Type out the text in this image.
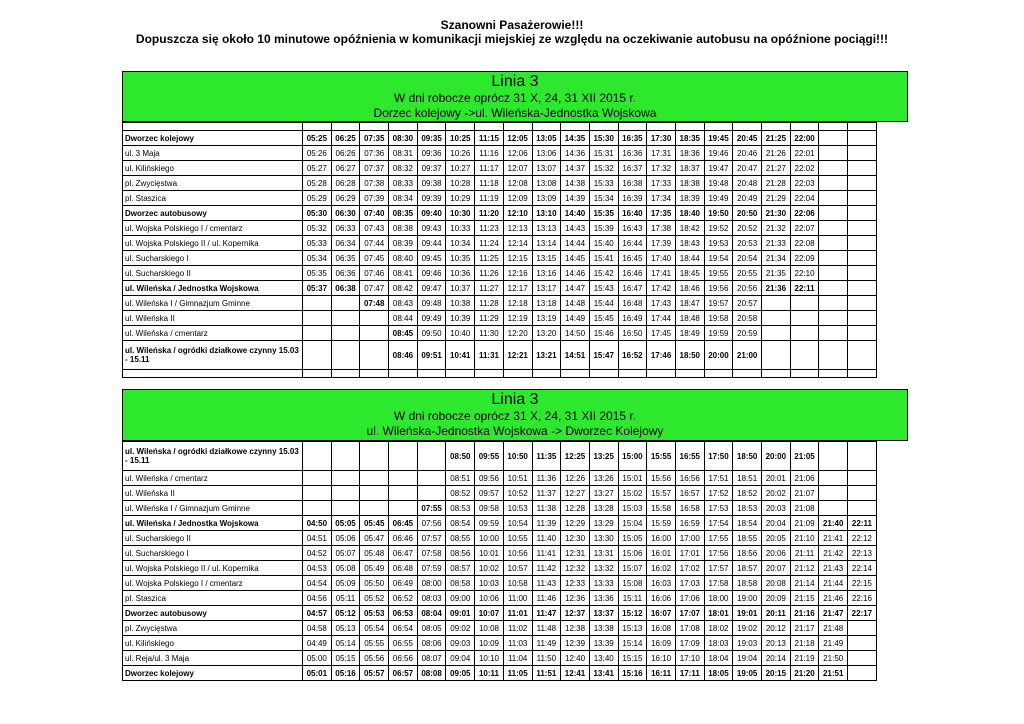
Szanowni Pasażerowie!!!
Dopuszcza się około 10 minutowe opóźnienia w komunikacji miejskiej ze względu na oczekiwanie autobusu na opóźnione pociągi!!!
Linia 3
W dni robocze oprócz 31 X, 24, 31 XII 2015 r.
Dorzec kolejowy ->ul. Wileńska-Jednostka Wojskowa

Dworzec kolejowy	05:25	06:25	07:35	08:30	09:35	10:25	11:15	12:05	13:05	14:35	15:30	16:35	17:30	18:35	19:45	20:45	21:25	22:00		
ul. 3 Maja	05:26	06:26	07:36	08:31	09:36	10:26	11:16	12:06	13:06	14:36	15:31	16:36	17:31	18:36	19:46	20:46	21:26	22:01		
ul. Kilińskiego	05:27	06:27	07:37	08:32	09:37	10:27	11:17	12:07	13:07	14:37	15:32	16:37	17:32	18:37	19:47	20:47	21:27	22:02		
pl. Zwycięstwa	05:28	06:28	07:38	08:33	09:38	10:28	11:18	12:08	13:08	14:38	15:33	16:38	17:33	18:38	19:48	20:48	21:28	22:03		
pl. Staszica	05:29	06:29	07:39	08:34	09:39	10:29	11:19	12:09	13:09	14:39	15:34	16:39	17:34	18:39	19:49	20:49	21:29	22:04		
Dworzec autobusowy	05:30	06:30	07:40	08:35	09:40	10:30	11:20	12:10	13:10	14:40	15:35	16:40	17:35	18:40	19:50	20:50	21:30	22:06		
ul. Wojska Polskiego I / cmentarz	05:32	06:33	07:43	08:38	09:43	10:33	11:23	12:13	13:13	14:43	15:39	16:43	17:38	18:42	19:52	20:52	21:32	22:07		
ul. Wojska Polskiego II / ul. Kopernika	05:33	06:34	07:44	08:39	09:44	10:34	11:24	12:14	13:14	14:44	15:40	16:44	17:39	18:43	19:53	20:53	21:33	22:08		
ul. Sucharskiego I	05:34	06:35	07:45	08:40	09:45	10:35	11:25	12:15	13:15	14:45	15:41	16:45	17:40	18:44	19:54	20:54	21:34	22:09		
ul. Sucharskiego II	05:35	06:36	07:46	08:41	09:46	10:36	11:26	12:16	13:16	14:46	15:42	16:46	17:41	18:45	19:55	20:55	21:35	22:10		
ul. Wileńska / Jednostka Wojskowa	05:37	06:38	07:47	08:42	09:47	10:37	11:27	12:17	13:17	14:47	15:43	16:47	17:42	18:46	19:56	20:56	21:36	22:11		
ul. Wileńska I / Gimnazjum Gminne			07:48	08:43	09:48	10:38	11:28	12:18	13:18	14:48	15:44	16:48	17:43	18:47	19:57	20:57				
ul. Wileńska II				08:44	09:49	10:39	11:29	12:19	13:19	14:49	15:45	16:49	17:44	18:48	19:58	20:58				
ul. Wileńska / cmentarz				08:45	09:50	10:40	11:30	12:20	13:20	14:50	15:46	16:50	17:45	18:49	19:59	20:59				
ul. Wileńska / ogródki działkowe czynny 15.03 - 15.11				08:46	09:51	10:41	11:31	12:21	13:21	14:51	15:47	16:52	17:46	18:50	20:00	21:00				

Linia 3
W dni robocze oprócz 31 X, 24, 31 XII 2015 r.
ul. Wileńska-Jednostka Wojskowa -> Dworzec Kolejowy
ul. Wileńska / ogródki działkowe czynny 15.03 - 15.11						08:50	09:55	10:50	11:35	12:25	13:25	15:00	15:55	16:55	17:50	18:50	20:00	21:05		
ul. Wileńska / cmentarz						08:51	09:56	10:51	11:36	12:26	13:26	15:01	15:56	16:56	17:51	18:51	20:01	21:06		
ul. Wileńska II						08:52	09:57	10:52	11:37	12:27	13:27	15:02	15:57	16:57	17:52	18:52	20:02	21:07		
ul. Wileńska I / Gimnazjum Gminne					07:55	08:53	09:58	10:53	11:38	12:28	13:28	15:03	15:58	16:58	17:53	18:53	20:03	21:08		
ul. Wileńska / Jednostka Wojskowa	04:50	05:05	05:45	06:45	07:56	08:54	09:59	10:54	11:39	12:29	13:29	15:04	15:59	16:59	17:54	18:54	20:04	21:09	21:40	22:11
ul. Sucharskiego II	04:51	05:06	05:47	06:46	07:57	08:55	10:00	10:55	11:40	12:30	13:30	15:05	16:00	17:00	17:55	18:55	20:05	21:10	21:41	22:12
ul. Sucharskiego I	04:52	05:07	05:48	06:47	07:58	08:56	10:01	10:56	11:41	12:31	13:31	15:06	16:01	17:01	17:56	18:56	20:06	21:11	21:42	22:13
ul. Wojska Polskiego II / ul. Kopernika	04:53	05:08	05:49	06:48	07:59	08:57	10:02	10:57	11:42	12:32	13:32	15:07	16:02	17:02	17:57	18:57	20:07	21:12	21:43	22:14
ul. Wojska Polskiego I / cmentarz	04:54	05:09	05:50	06:49	08:00	08:58	10:03	10:58	11:43	12:33	13:33	15:08	16:03	17:03	17:58	18:58	20:08	21:14	21:44	22:15
pl. Staszica	04:56	05:11	05:52	06:52	08:03	09:00	10:06	11:00	11:46	12:36	13:36	15:11	16:06	17:06	18:00	19:00	20:09	21:15	21:46	22:16
Dworzec autobusowy	04:57	05:12	05:53	06:53	08:04	09:01	10:07	11:01	11:47	12:37	13:37	15:12	16:07	17:07	18:01	19:01	20:11	21:16	21:47	22:17
pl. Zwycięstwa	04:58	05:13	05:54	06:54	08:05	09:02	10:08	11:02	11:48	12:38	13:38	15:13	16:08	17:08	18:02	19:02	20:12	21:17	21:48	
ul. Kilińskiego	04:49	05:14	05:55	06:55	08:06	09:03	10:09	11:03	11:49	12:39	13:39	15:14	16:09	17:09	18:03	19:03	20:13	21:18	21:49	
ul. Reja/ul. 3 Maja	05:00	05:15	05:56	06:56	08:07	09:04	10:10	11:04	11:50	12:40	13:40	15:15	16:10	17:10	18:04	19:04	20:14	21:19	21:50	
Dworzec kolejowy	05:01	05:16	05:57	06:57	08:08	09:05	10:11	11:05	11:51	12:41	13:41	15:16	16:11	17:11	18:05	19:05	20:15	21:20	21:51	
